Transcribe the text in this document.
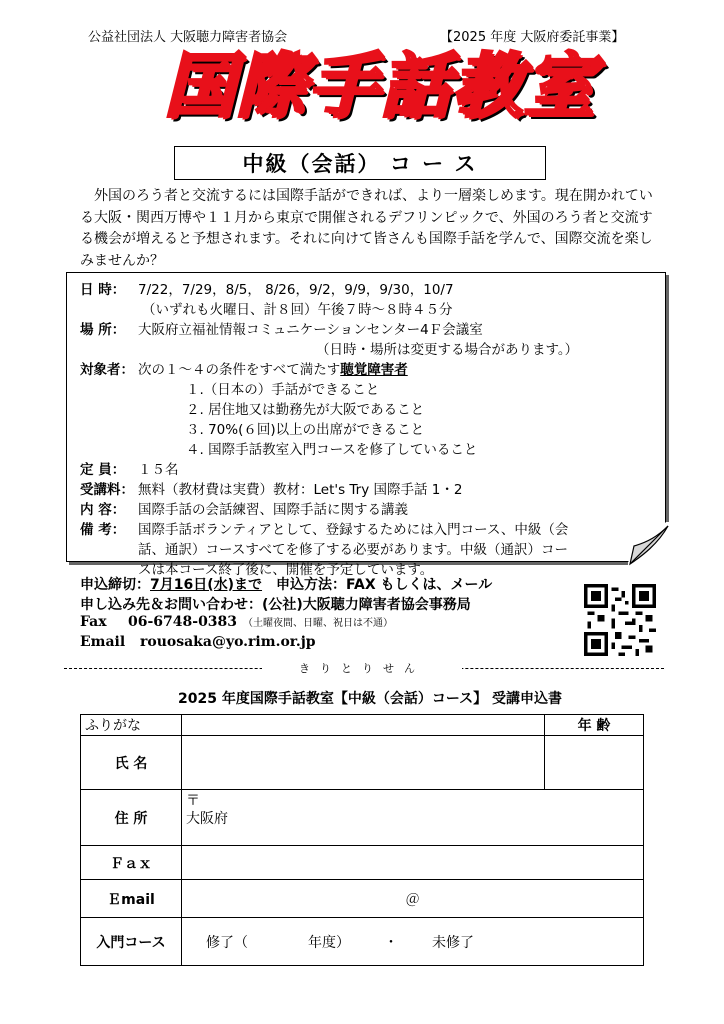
公益社団法人 大阪聴力障害者協会	【2025 年度 大阪府委託事業】
国際手話教室
中級（会話） コ ー ス
外国のろう者と交流するには国際手話ができれば、より一層楽しめます。現在開かれている大阪・関西万博や１１月から東京で開催されるデフリンピックで、外国のろう者と交流する機会が増えると予想されます。それに向けて皆さんも国際手話を学んで、国際交流を楽しみませんか？
日 時： 7/22，7/29，8/5， 8/26，9/2，9/9，9/30，10/7
（いずれも火曜日、計８回）午後７時～８時４５分
場 所： 大阪府立福祉情報コミュニケーションセンター4Ｆ会議室
（日時・場所は変更する場合があります。）
対象者： 次の１～４の条件をすべて満たす聴覚障害者
１.（日本の）手話ができること
２. 居住地又は勤務先が大阪であること
３. 70%(６回)以上の出席ができること
４. 国際手話教室入門コースを修了していること
定 員： １５名
受講料： 無料（教材費は実費）教材：Let's Try 国際手話 1・2
内 容： 国際手話の会話練習、国際手話に関する講義
備 考： 国際手話ボランティアとして、登録するためには入門コース、中級（会
話、通訳）コースすべてを修了する必要があります。中級（通訳）コー
申込締切：7月16日(水)まで 申込方法：FAX もしくは、メール
申し込み先＆お問い合わせ：(公社)大阪聴力障害者協会事務局
Fax 06-6748-0383 （土曜夜間、日曜、祝日は不通）
Email rouosaka@yo.rim.or.jp
きりとりせん
2025 年度国際手話教室【中級（会話）コース】 受講申込書
ふりがな		年 齢
氏 名		
住 所	〒
大阪府	

Ｆａｘ		
Ｅmail	＠	
入門コース	修了（ 年度） ・ 未修了	
スは本コース終了後に、開催を予定しています。
